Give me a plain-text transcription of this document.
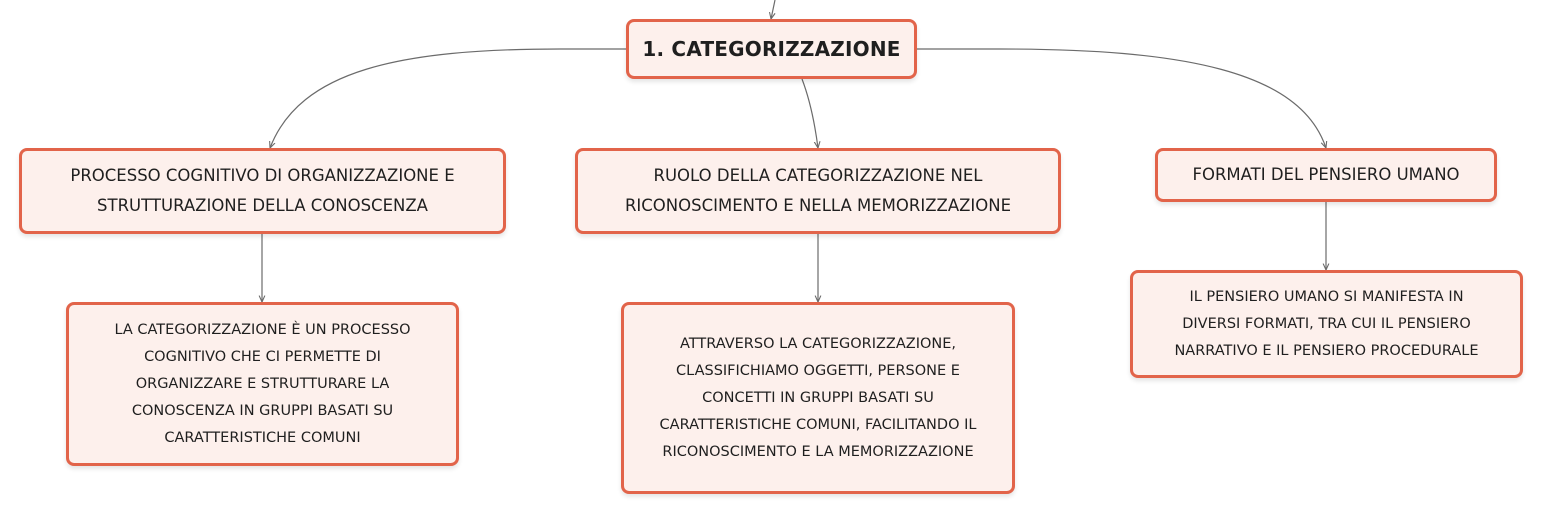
1. CATEGORIZZAZIONE
PROCESSO COGNITIVO DI ORGANIZZAZIONE E
STRUTTURAZIONE DELLA CONOSCENZA
RUOLO DELLA CATEGORIZZAZIONE NEL
RICONOSCIMENTO E NELLA MEMORIZZAZIONE
FORMATI DEL PENSIERO UMANO
LA CATEGORIZZAZIONE È UN PROCESSO
COGNITIVO CHE CI PERMETTE DI
ORGANIZZARE E STRUTTURARE LA
CONOSCENZA IN GRUPPI BASATI SU
CARATTERISTICHE COMUNI
ATTRAVERSO LA CATEGORIZZAZIONE,
CLASSIFICHIAMO OGGETTI, PERSONE E
CONCETTI IN GRUPPI BASATI SU
CARATTERISTICHE COMUNI, FACILITANDO IL
RICONOSCIMENTO E LA MEMORIZZAZIONE
IL PENSIERO UMANO SI MANIFESTA IN
DIVERSI FORMATI, TRA CUI IL PENSIERO
NARRATIVO E IL PENSIERO PROCEDURALE
